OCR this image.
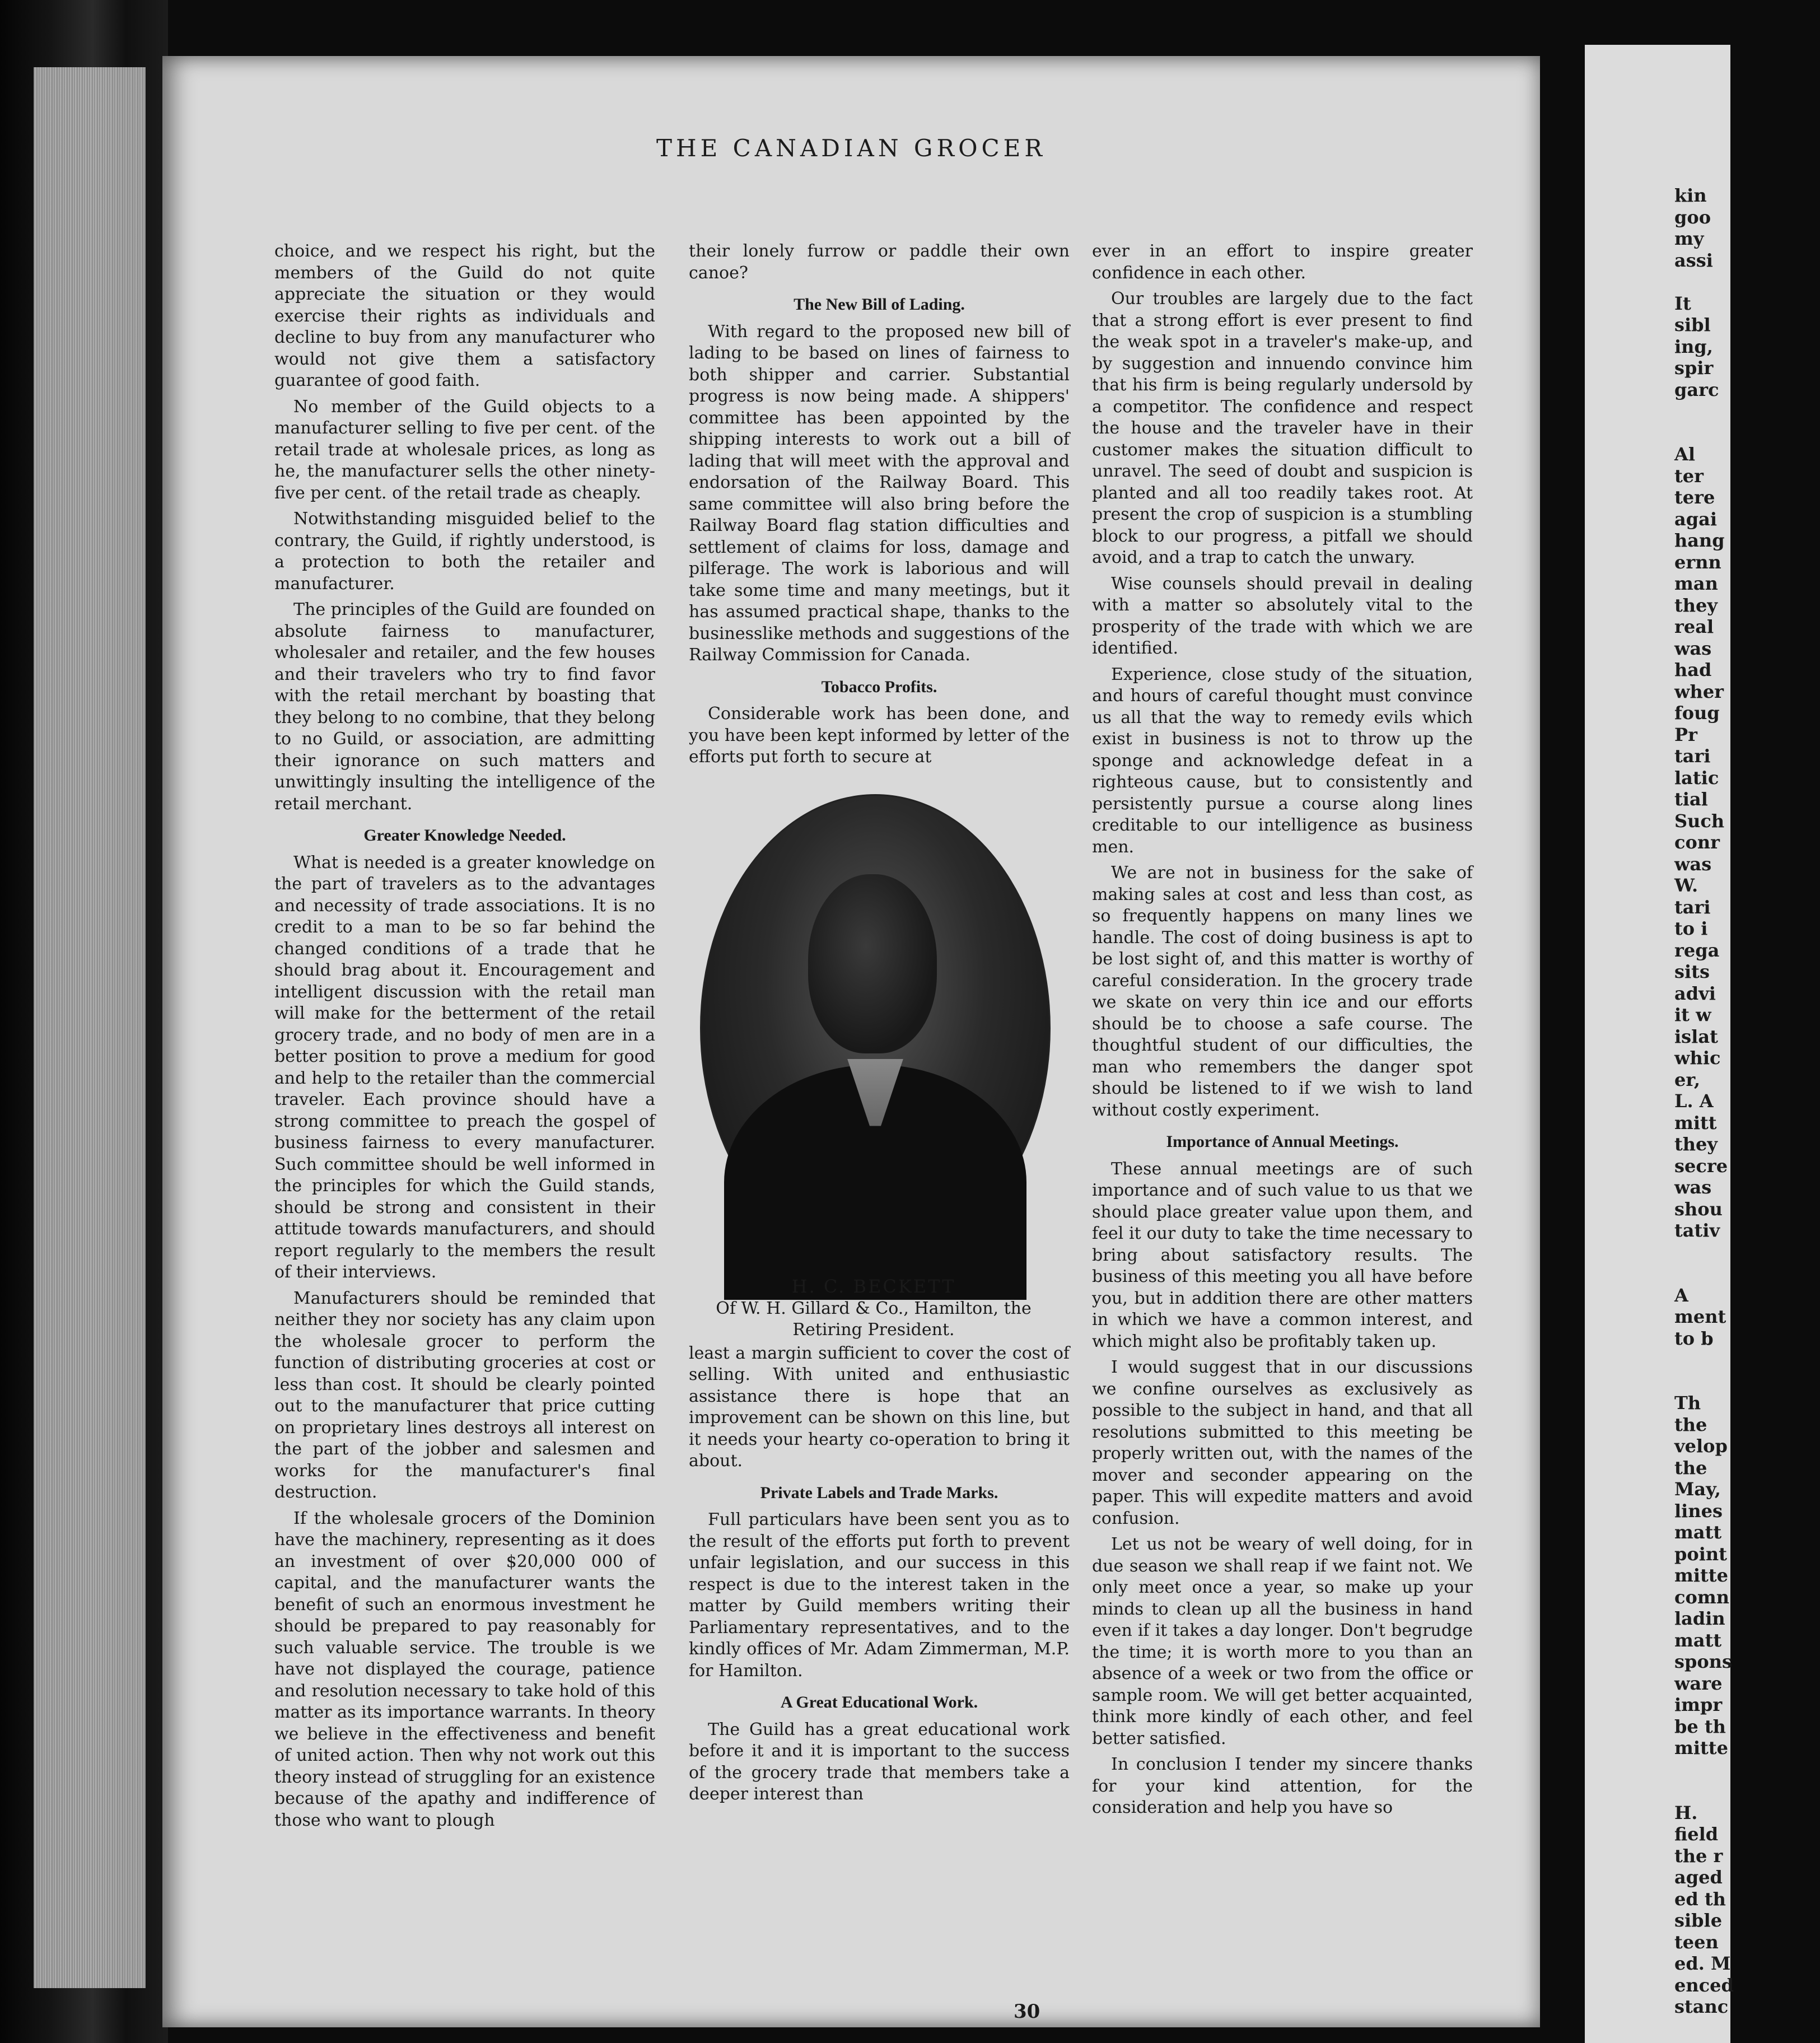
THE CANADIAN GROCER

choice, and we respect his right, but the members of the Guild do not quite appreciate the situation or they would exercise their rights as individuals and decline to buy from any manufacturer who would not give them a satisfactory guarantee of good faith.

No member of the Guild objects to a manufacturer selling to five per cent. of the retail trade at wholesale prices, as long as he, the manufacturer sells the other ninety-five per cent. of the retail trade as cheaply.

Notwithstanding misguided belief to the contrary, the Guild, if rightly understood, is a protection to both the retailer and manufacturer.

The principles of the Guild are founded on absolute fairness to manufacturer, wholesaler and retailer, and the few houses and their travelers who try to find favor with the retail merchant by boasting that they belong to no combine, that they belong to no Guild, or association, are admitting their ignorance on such matters and unwittingly insulting the intelligence of the retail merchant.

Greater Knowledge Needed.

What is needed is a greater knowledge on the part of travelers as to the advantages and necessity of trade associations. It is no credit to a man to be so far behind the changed conditions of a trade that he should brag about it. Encouragement and intelligent discussion with the retail man will make for the betterment of the retail grocery trade, and no body of men are in a better position to prove a medium for good and help to the retailer than the commercial traveler. Each province should have a strong committee to preach the gospel of business fairness to every manufacturer. Such committee should be well informed in the principles for which the Guild stands, should be strong and consistent in their attitude towards manufacturers, and should report regularly to the members the result of their interviews.

Manufacturers should be reminded that neither they nor society has any claim upon the wholesale grocer to perform the function of distributing groceries at cost or less than cost. It should be clearly pointed out to the manufacturer that price cutting on proprietary lines destroys all interest on the part of the jobber and salesmen and works for the manufacturer's final destruction.

If the wholesale grocers of the Dominion have the machinery, representing as it does an investment of over $20,000 000 of capital, and the manufacturer wants the benefit of such an enormous investment he should be prepared to pay reasonably for such valuable service. The trouble is we have not displayed the courage, patience and resolution necessary to take hold of this matter as its importance warrants. In theory we believe in the effectiveness and benefit of united action. Then why not work out this theory instead of struggling for an existence because of the apathy and indifference of those who want to plough

their lonely furrow or paddle their own canoe?

The New Bill of Lading.

With regard to the proposed new bill of lading to be based on lines of fairness to both shipper and carrier. Substantial progress is now being made. A shippers' committee has been appointed by the shipping interests to work out a bill of lading that will meet with the approval and endorsation of the Railway Board. This same committee will also bring before the Railway Board flag station difficulties and settlement of claims for loss, damage and pilferage. The work is laborious and will take some time and many meetings, but it has assumed practical shape, thanks to the businesslike methods and suggestions of the Railway Commission for Canada.

Tobacco Profits.

Considerable work has been done, and you have been kept informed by letter of the efforts put forth to secure at

H. C. BECKETT
Of W. H. Gillard & Co., Hamilton, the Retiring President.

least a margin sufficient to cover the cost of selling. With united and enthusiastic assistance there is hope that an improvement can be shown on this line, but it needs your hearty co-operation to bring it about.

Private Labels and Trade Marks.

Full particulars have been sent you as to the result of the efforts put forth to prevent unfair legislation, and our success in this respect is due to the interest taken in the matter by Guild members writing their Parliamentary representatives, and to the kindly offices of Mr. Adam Zimmerman, M.P. for Hamilton.

A Great Educational Work.

The Guild has a great educational work before it and it is important to the success of the grocery trade that members take a deeper interest than

ever in an effort to inspire greater confidence in each other.

Our troubles are largely due to the fact that a strong effort is ever present to find the weak spot in a traveler's make-up, and by suggestion and innuendo convince him that his firm is being regularly undersold by a competitor. The confidence and respect the house and the traveler have in their customer makes the situation difficult to unravel. The seed of doubt and suspicion is planted and all too readily takes root. At present the crop of suspicion is a stumbling block to our progress, a pitfall we should avoid, and a trap to catch the unwary.

Wise counsels should prevail in dealing with a matter so absolutely vital to the prosperity of the trade with which we are identified.

Experience, close study of the situation, and hours of careful thought must convince us all that the way to remedy evils which exist in business is not to throw up the sponge and acknowledge defeat in a righteous cause, but to consistently and persistently pursue a course along lines creditable to our intelligence as business men.

We are not in business for the sake of making sales at cost and less than cost, as so frequently happens on many lines we handle. The cost of doing business is apt to be lost sight of, and this matter is worthy of careful consideration. In the grocery trade we skate on very thin ice and our efforts should be to choose a safe course. The thoughtful student of our difficulties, the man who remembers the danger spot should be listened to if we wish to land without costly experiment.

Importance of Annual Meetings.

These annual meetings are of such importance and of such value to us that we should place greater value upon them, and feel it our duty to take the time necessary to bring about satisfactory results. The business of this meeting you all have before you, but in addition there are other matters in which we have a common interest, and which might also be profitably taken up.

I would suggest that in our discussions we confine ourselves as exclusively as possible to the subject in hand, and that all resolutions submitted to this meeting be properly written out, with the names of the mover and seconder appearing on the paper. This will expedite matters and avoid confusion.

Let us not be weary of well doing, for in due season we shall reap if we faint not. We only meet once a year, so make up your minds to clean up all the business in hand even if it takes a day longer. Don't begrudge the time; it is worth more to you than an absence of a week or two from the office or sample room. We will get better acquainted, think more kindly of each other, and feel better satisfied.

In conclusion I tender my sincere thanks for your kind attention, for the consideration and help you have so

30
kin
goo
my
assi
It
sibl
ing,
spir
garc
Al
ter
tere
agai
hang
ernn
man
they
real
was
had
wher
foug
Pr
tari
latic
tial
Such
conr
was
W.
tari
to i
rega
sits
advi
it w
islat
whic
er,
L. A
mitt
they
secre
was
shou
tativ
A
ment
to b
Th
the
velop
the
May,
lines
matt
point
mitte
comn
ladin
matt
spons
ware
impr
be th
mitte
H.
field
the r
aged
ed th
sible
teen
ed. M
enced
stanc
